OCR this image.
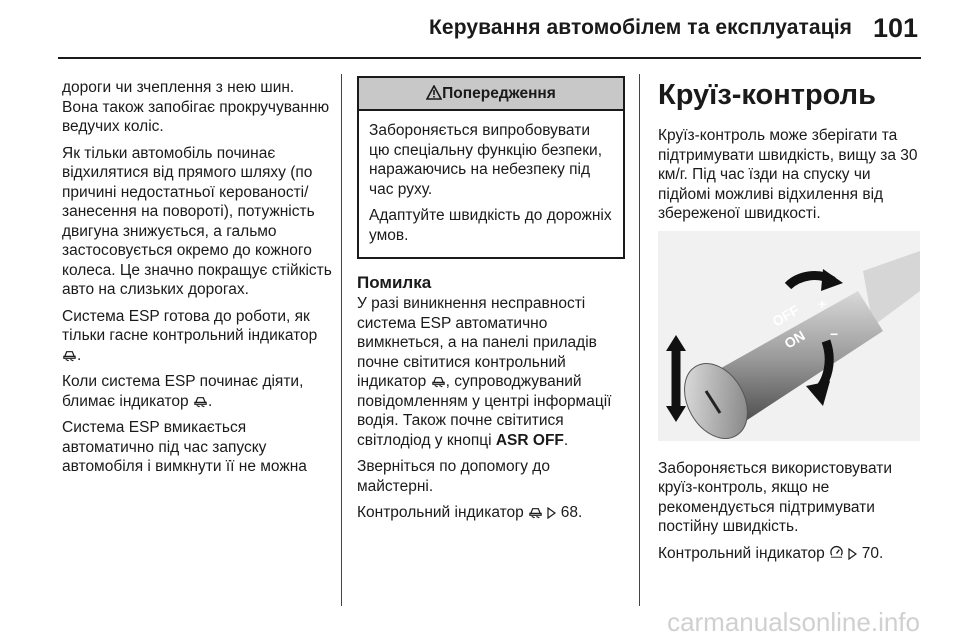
Керування автомобілем та експлуатація 101

дороги чи зчеплення з нею шин. Вона також запобігає прокручуванню ведучих коліс.

Як тільки автомобіль починає відхилятися від прямого шляху (по причині недостатньої керованості/занесення на повороті), потужність двигуна знижується, а гальмо застосовується окремо до кожного колеса. Це значно покращує стійкість авто на слизьких дорогах.

Система ESP готова до роботи, як тільки гасне контрольний індикатор .

Коли система ESP починає діяти, блимає індикатор .

Система ESP вмикається автоматично під час запуску автомобіля і вимкнути її не можна

Попередження

Забороняється випробовувати цю спеціальну функцію безпеки, наражаючись на небезпеку під час руху.

Адаптуйте швидкість до дорожніх умов.

Помилка

У разі виникнення несправності система ESP автоматично вимкнеться, а на панелі приладів почне світитися контрольний індикатор , супроводжуваний повідомленням у центрі інформації водія. Також почне світитися світлодіод у кнопці ASR OFF.

Зверніться по допомогу до майстерні.

Контрольний індикатор 68.

Круїз-контроль

Круїз-контроль може зберігати та підтримувати швидкість, вищу за 30 км/г. Під час їзди на спуску чи підйомі можливі відхилення від збереженої швидкості.

OFF
ON
+
−

Забороняється використовувати круїз-контроль, якщо не рекомендується підтримувати постійну швидкість.

Контрольний індикатор 70.

carmanualsonline.info
